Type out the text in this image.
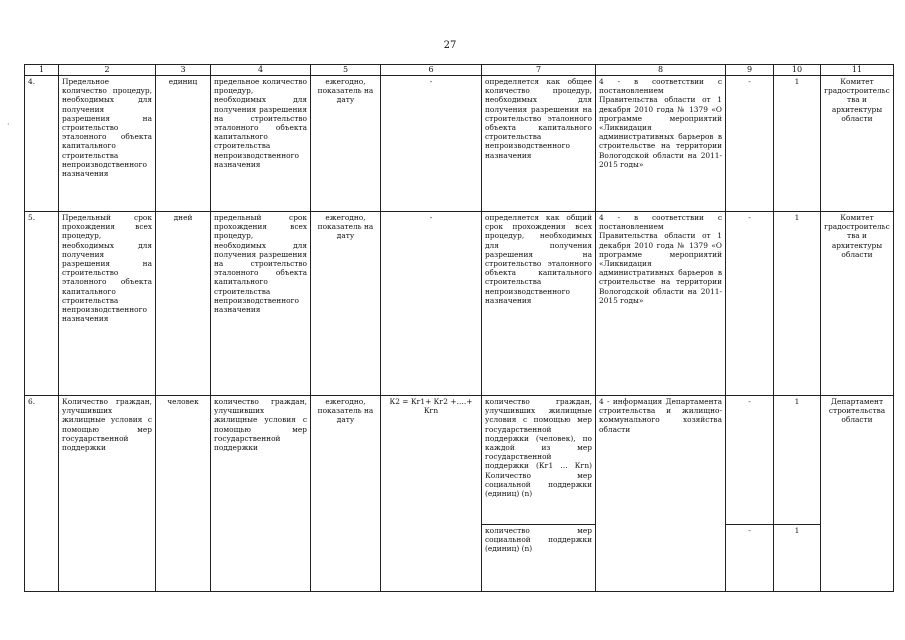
27
·
1	2	3	4	5	6	7	8	9	10	11
4.	Предельное количество процедур, необходимых для получения разрешения на строительство эталонного объекта капитального строительства непроизводственного назначения	единиц	предельное количество процедур, необходимых для получения разрешения на строительство эталонного объекта капитального строительства непроизводственного назначения	ежегодно, показатель на дату	-	определяется как общее количество процедур, необходимых для получения разрешения на строительство эталонного объекта капитального строительства непроизводственного назначения	4 - в соответствии с постановлением Правительства области от 1 декабря 2010 года № 1379 «О программе мероприятий «Ликвидация административных барьеров в строительстве на территории Вологодской области на 2011-2015 годы»	-	1	Комитет градостроительства и архитектуры области
5.	Предельный срок прохождения всех процедур, необходимых для получения разрешения на строительство эталонного объекта капитального строительства непроизводственного назначения	дней	предельный срок прохождения всех процедур, необходимых для получения разрешения на строительство эталонного объекта капитального строительства непроизводственного назначения	ежегодно, показатель на дату	-	определяется как общий срок прохождения всех процедур, необходимых для получения разрешения на строительство эталонного объекта капитального строительства непроизводственного назначения	4 - в соответствии с постановлением Правительства области от 1 декабря 2010 года № 1379 «О программе мероприятий «Ликвидация административных барьеров в строительстве на территории Вологодской области на 2011-2015 годы»	-	1	Комитет градостроительства и архитектуры области
6.	Количество граждан, улучшивших жилищные условия с помощью мер государственной поддержки	человек	количество граждан, улучшивших жилищные условия с помощью мер государственной поддержки	ежегодно, показатель на дату	К2 = Кг1+ Кг2 +….+ Кгn	количество граждан, улучшивших жилищные условия с помощью мер государственной поддержки (человек), по каждой из мер государственной поддержки (Кг1 … Кгn) Количество мер социальной поддержки (единиц) (n)	4 - информация Департамента строительства и жилищно-коммунального хозяйства области	-	1	Департамент строительства области
						количество мер социальной поддержки (единиц) (n)		-	1	
